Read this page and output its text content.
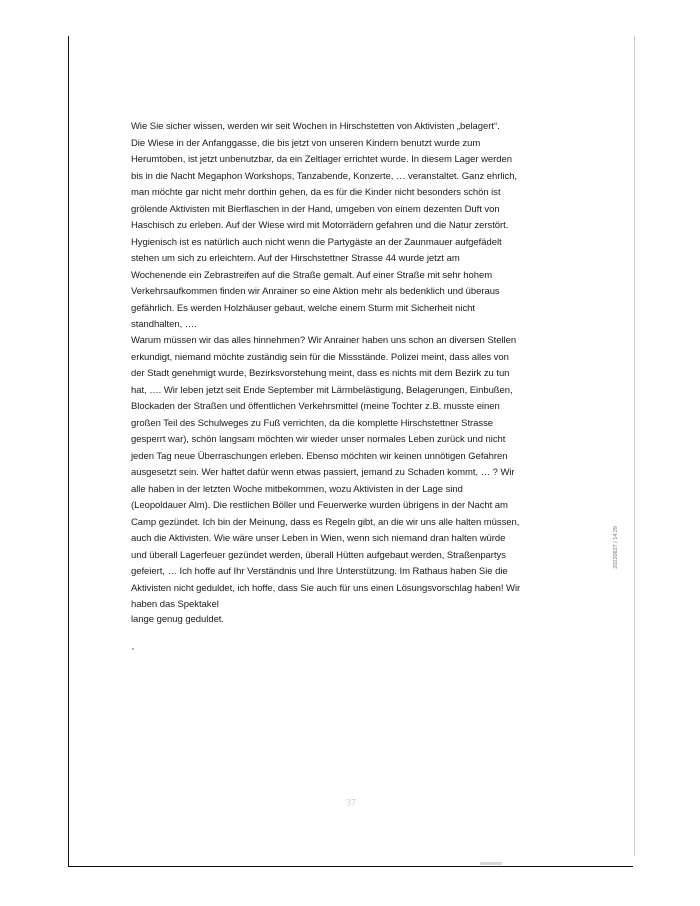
Wie Sie sicher wissen, werden wir seit Wochen in Hirschstetten von Aktivisten „belagert“.
Die Wiese in der Anfanggasse, die bis jetzt von unseren Kindern benutzt wurde zum
Herumtoben, ist jetzt unbenutzbar, da ein Zeltlager errichtet wurde. In diesem Lager werden
bis in die Nacht Megaphon Workshops, Tanzabende, Konzerte, … veranstaltet. Ganz ehrlich,
man möchte gar nicht mehr dorthin gehen, da es für die Kinder nicht besonders schön ist
grölende Aktivisten mit Bierflaschen in der Hand, umgeben von einem dezenten Duft von
Haschisch zu erleben. Auf der Wiese wird mit Motorrädern gefahren und die Natur zerstört.
Hygienisch ist es natürlich auch nicht wenn die Partygäste an der Zaunmauer aufgefädelt
stehen um sich zu erleichtern. Auf der Hirschstettner Strasse 44 wurde jetzt am
Wochenende ein Zebrastreifen auf die Straße gemalt. Auf einer Straße mit sehr hohem
Verkehrsaufkommen finden wir Anrainer so eine Aktion mehr als bedenklich und überaus
gefährlich. Es werden Holzhäuser gebaut, welche einem Sturm mit Sicherheit nicht
standhalten, ….
Warum müssen wir das alles hinnehmen? Wir Anrainer haben uns schon an diversen Stellen
erkundigt, niemand möchte zuständig sein für die Missstände. Polizei meint, dass alles von
der Stadt genehmigt wurde, Bezirksvorstehung meint, dass es nichts mit dem Bezirk zu tun
hat, …. Wir leben jetzt seit Ende September mit Lärmbelästigung, Belagerungen, Einbußen,
Blockaden der Straßen und öffentlichen Verkehrsmittel (meine Tochter z.B. musste einen
großen Teil des Schulweges zu Fuß verrichten, da die komplette Hirschstettner Strasse
gesperrt war), schön langsam möchten wir wieder unser normales Leben zurück und nicht
jeden Tag neue Überraschungen erleben. Ebenso möchten wir keinen unnötigen Gefahren
ausgesetzt sein. Wer haftet dafür wenn etwas passiert, jemand zu Schaden kommt, … ? Wir
alle haben in der letzten Woche mitbekommen, wozu Aktivisten in der Lage sind
(Leopoldauer Alm). Die restlichen Böller und Feuerwerke wurden übrigens in der Nacht am
Camp gezündet. Ich bin der Meinung, dass es Regeln gibt, an die wir uns alle halten müssen,
auch die Aktivisten. Wie wäre unser Leben in Wien, wenn sich niemand dran halten würde
und überall Lagerfeuer gezündet werden, überall Hütten aufgebaut werden, Straßenpartys
gefeiert, … Ich hoffe auf Ihr Verständnis und Ihre Unterstützung. Im Rathaus haben Sie die
Aktivisten nicht geduldet, ich hoffe, dass Sie auch für uns einen Lösungsvorschlag haben! Wir
haben das Spektakel
lange genug geduldet.
20220827 | 14:29
37
